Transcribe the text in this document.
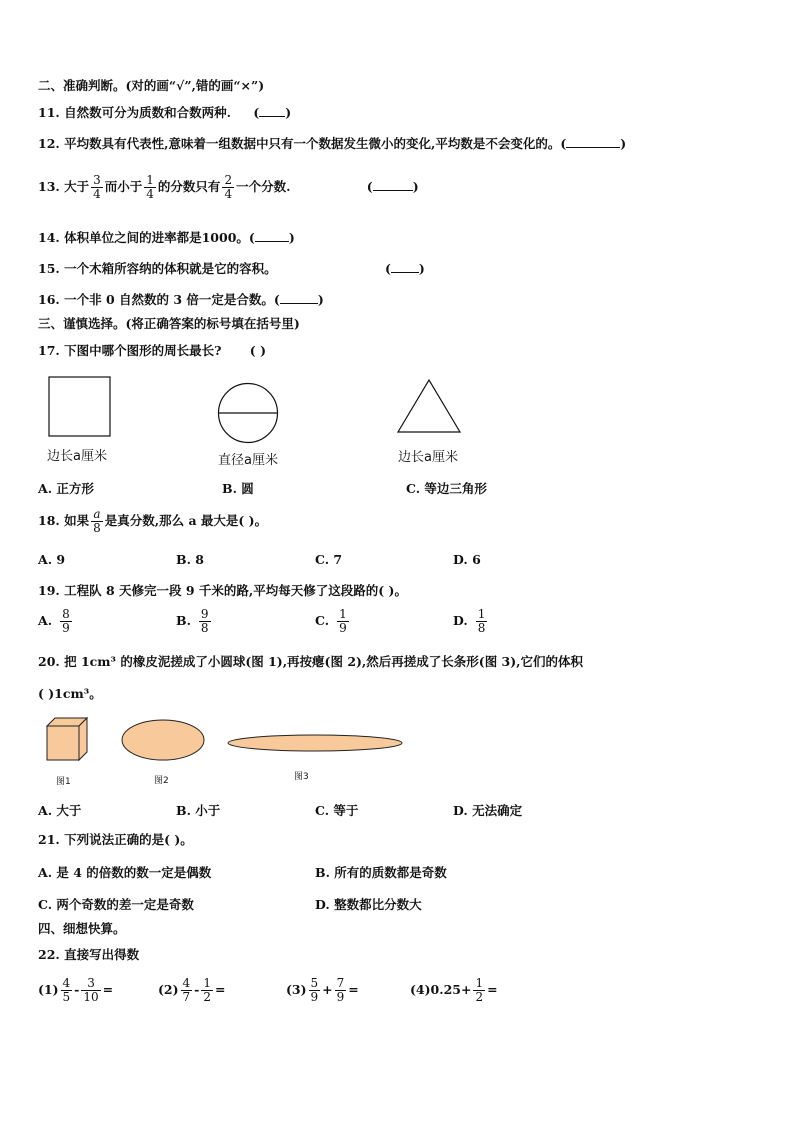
二、准确判断。(对的画“√”,错的画“×”)
11. 自然数可分为质数和合数两种. ( )
12. 平均数具有代表性,意味着一组数据中只有一个数据发生微小的变化,平均数是不会变化的。(	)
13. 大于 $\frac{3}{4}$ 而小于 $\frac{1}{4}$ 的分数只有 $\frac{2}{4}$ 一个分数.	(	)
14. 体积单位之间的进率都是1000。(	)
15. 一个木箱所容纳的体积就是它的容积。	( )
16. 一个非 0 自然数的 3 倍一定是合数。(	)
三、谨慎选择。(将正确答案的标号填在括号里)
17. 下图中哪个图形的周长最长? ( )
边长a厘米	直径a厘米	边长a厘米
A. 正方形	B. 圆	C. 等边三角形
18. 如果 $\frac{a}{8}$ 是真分数,那么 a 最大是( )。
A. 9	B. 8	C. 7	D. 6
19. 工程队 8 天修完一段 9 千米的路,平均每天修了这段路的( )。
A. $\frac{8}{9}$	B. $\frac{9}{8}$	C. $\frac{1}{9}$	D. $\frac{1}{8}$
20. 把 1cm³ 的橡皮泥搓成了小圆球(图 1),再按瘪(图 2),然后再搓成了长条形(图 3),它们的体积
( )1cm³。
图1	图2	图3
A. 大于	B. 小于	C. 等于	D. 无法确定
21. 下列说法正确的是( )。
A. 是 4 的倍数的数一定是偶数	B. 所有的质数都是奇数
C. 两个奇数的差一定是奇数	D. 整数都比分数大
四、细想快算。
22. 直接写出得数
$(1) \frac{4}{5} - \frac{3}{10}$ =	$(2) \frac{4}{7} - \frac{1}{2}$ =	$(3) \frac{5}{9} + \frac{7}{9}$ =	$(4)0.25+ \frac{1}{2}$ =
